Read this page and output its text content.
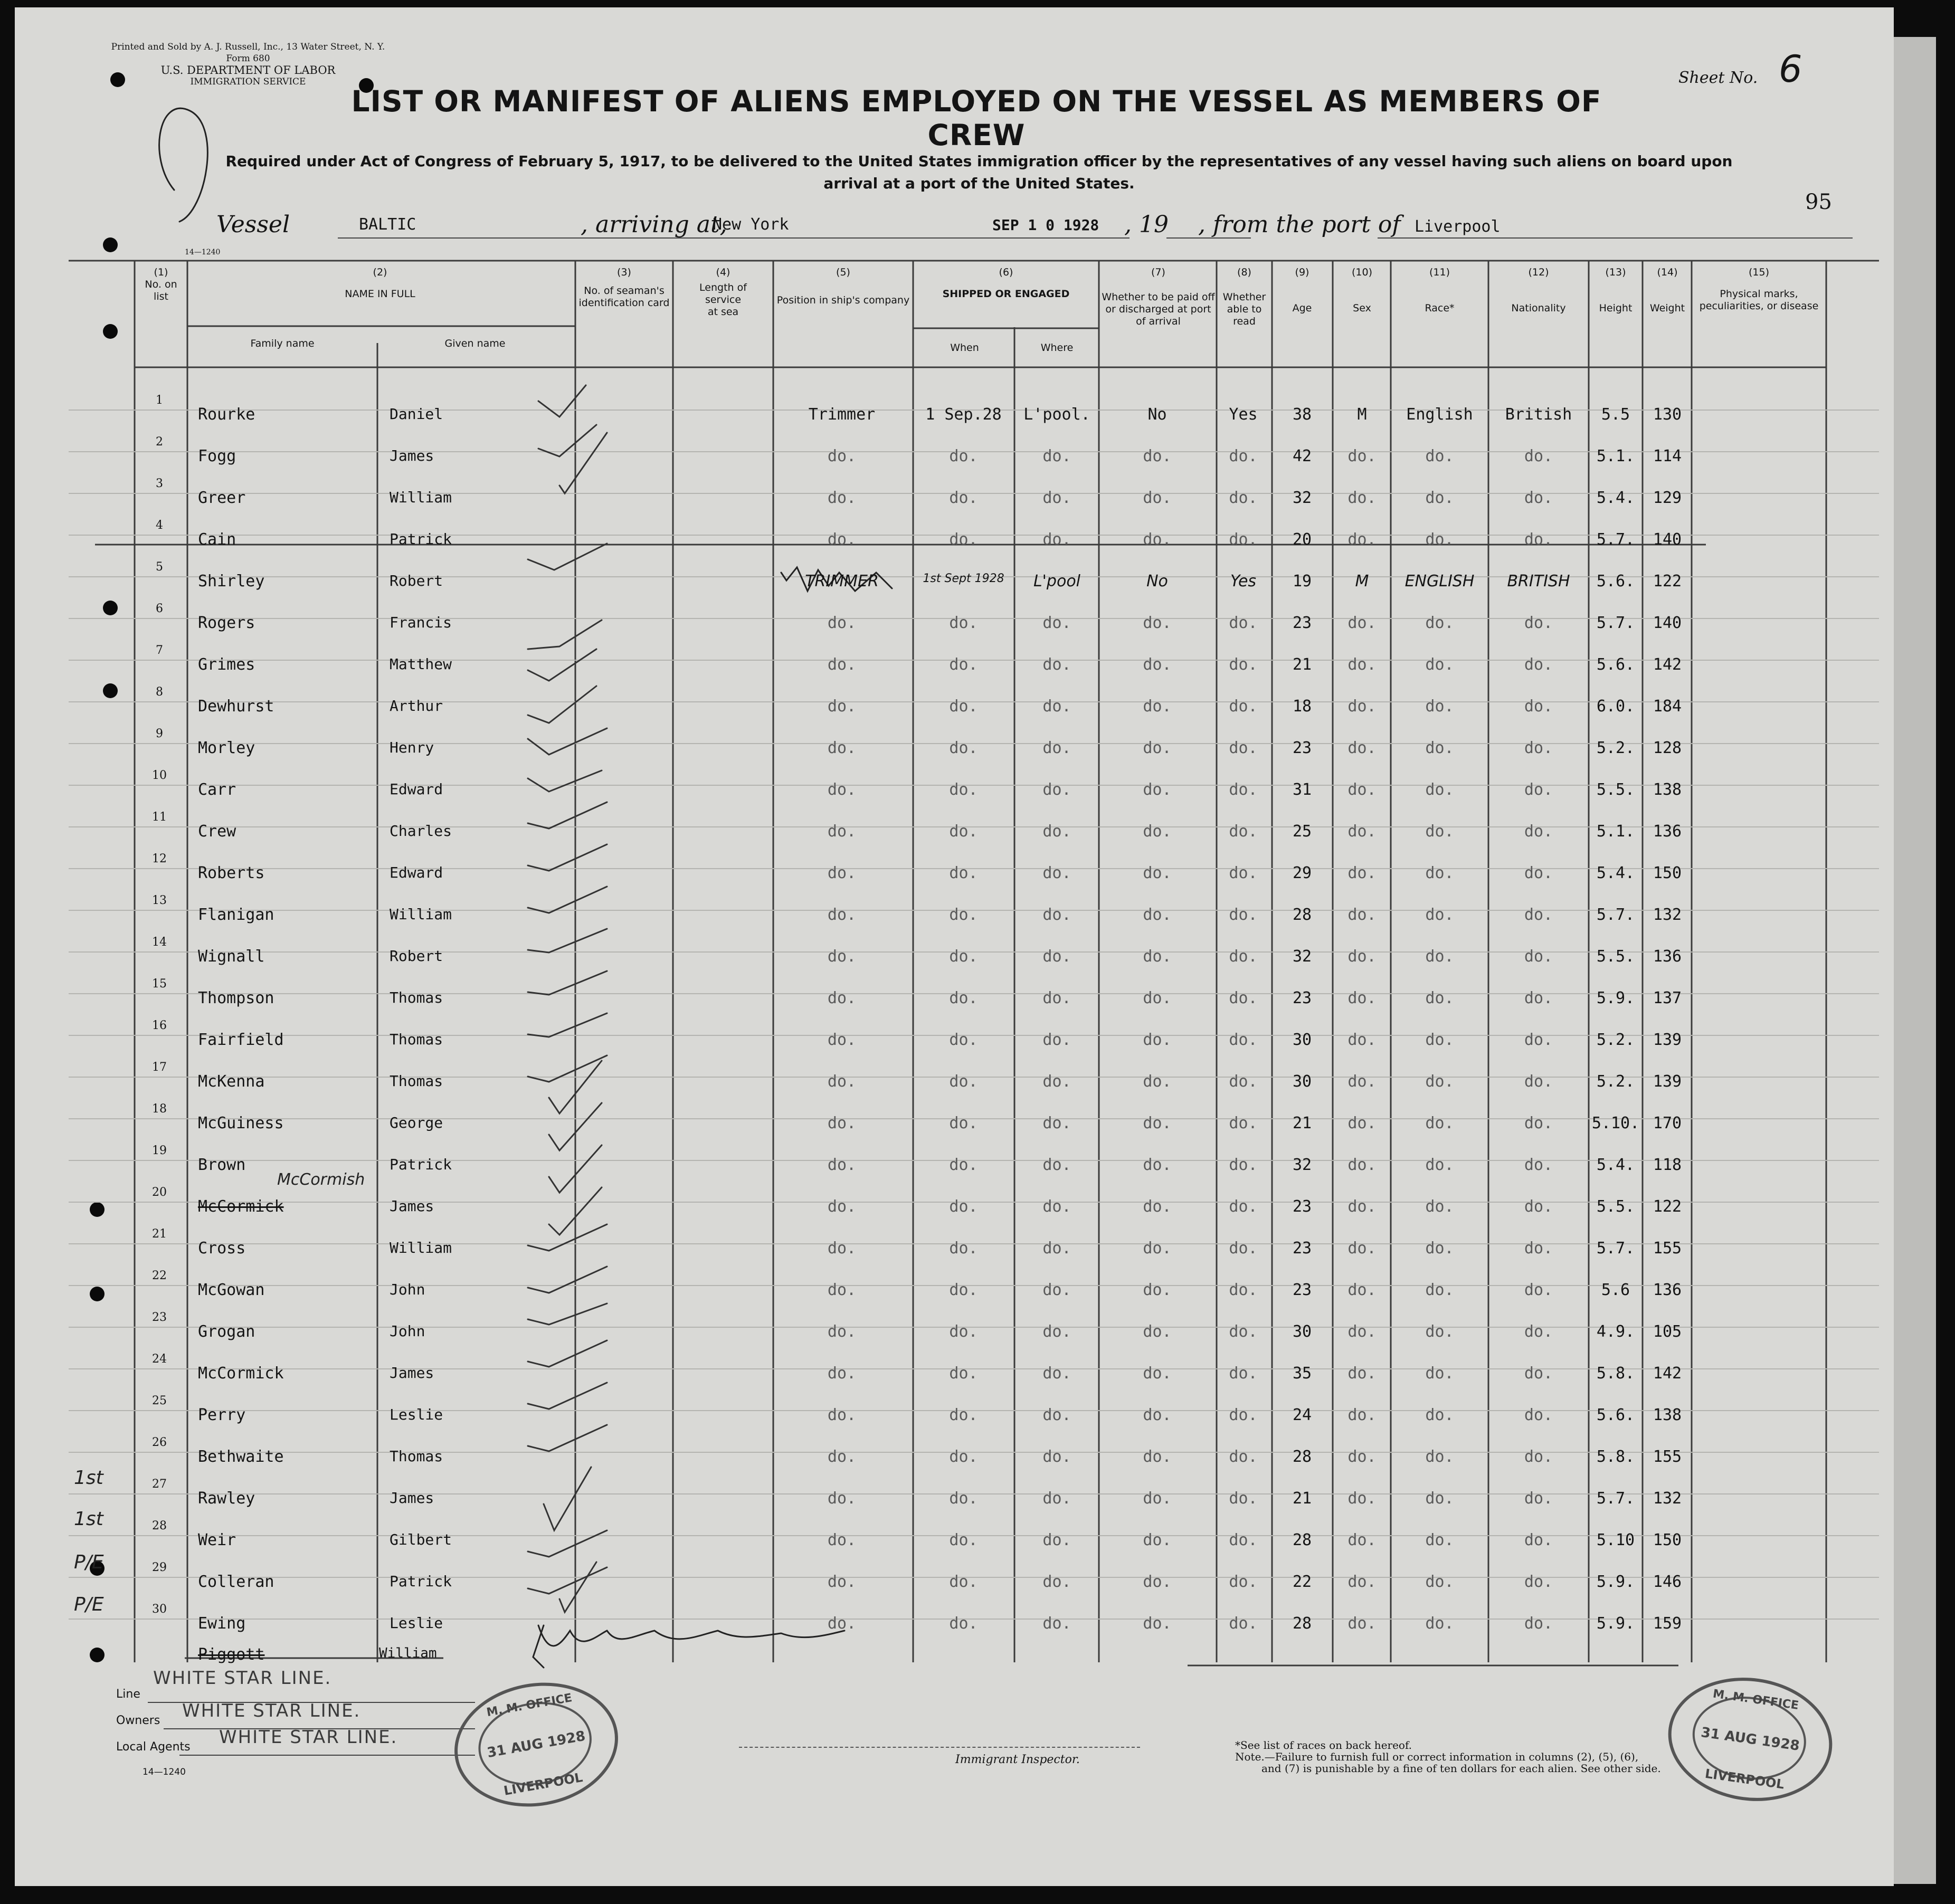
Printed and Sold by A. J. Russell, Inc., 13 Water Street, N. Y.
Form 680
U.S. DEPARTMENT OF LABOR
IMMIGRATION SERVICE	Sheet No. 6
95
LIST OR MANIFEST OF ALIENS EMPLOYED ON THE VESSEL AS MEMBERS OF CREW
Required under Act of Congress of February 5, 1917, to be delivered to the United States immigration officer by the representatives of any vessel having such aliens on board upon arrival at a port of the United States.
Vessel	BALTIC	, arriving at,
New York	SEP 1 0 1928 , 19 , from the port of Liverpool
14—1240
(1)
No. on list
(2)
NAME IN FULL
Family name	Given name
(3)
No. of seaman's identification card
(4)
Length of service at sea
(5)
Position in ship's company
(6)
SHIPPED OR ENGAGED
When	Where
(7)
Whether to be paid off or discharged at port of arrival
(8)
Whether able to read
(9)
Age
(10)
Sex
(11)
Race*
(12)
Nationality
(13)
Height
(14)
Weight
(15)
Physical marks, peculiarities, or disease
1
Rourke	Daniel	Trimmer	1 Sep.28	L'pool.	No	Yes	38	M	English	British	5.5	130
2
Fogg	James	do.	do.	do.	do.	do.	42	do.	do.	do.	5.1.	114
3
Greer	William	do.	do.	do.	do.	do.	32	do.	do.	do.	5.4.	129
4
Cain	Patrick	do.	do.	do.	do.	do.	20	do.	do.	do.	5.7.	140
5
Shirley	Robert	TRIMMER	1st Sept 1928	L'pool	No	Yes	19	M	ENGLISH	BRITISH	5.6.	122
6
Rogers	Francis	do.	do.	do.	do.	do.	23	do.	do.	do.	5.7.	140
7
Grimes	Matthew	do.	do.	do.	do.	do.	21	do.	do.	do.	5.6.	142
8
Dewhurst	Arthur	do.	do.	do.	do.	do.	18	do.	do.	do.	6.0.	184
9
Morley	Henry	do.	do.	do.	do.	do.	23	do.	do.	do.	5.2.	128
10
Carr	Edward	do.	do.	do.	do.	do.	31	do.	do.	do.	5.5.	138
11
Crew	Charles	do.	do.	do.	do.	do.	25	do.	do.	do.	5.1.	136
12
Roberts	Edward	do.	do.	do.	do.	do.	29	do.	do.	do.	5.4.	150
13
Flanigan	William	do.	do.	do.	do.	do.	28	do.	do.	do.	5.7.	132
14
Wignall	Robert	do.	do.	do.	do.	do.	32	do.	do.	do.	5.5.	136
15
Thompson	Thomas	do.	do.	do.	do.	do.	23	do.	do.	do.	5.9.	137
16
Fairfield	Thomas	do.	do.	do.	do.	do.	30	do.	do.	do.	5.2.	139
17
McKenna	Thomas	do.	do.	do.	do.	do.	30	do.	do.	do.	5.2.	139
18
McGuiness	George	do.	do.	do.	do.	do.	21	do.	do.	do.	5.10. 170
19
Brown	Patrick	do.	do.	do.	do.	do.	32	do.	do.	do.	5.4.	118
20
McCormick	James	do.	do.	do.	do.	do.	23	do.	do.	do.	5.5.	122
21
Cross	William	do.	do.	do.	do.	do.	23	do.	do.	do.	5.7.	155
22
McGowan	John	do.	do.	do.	do.	do.	23	do.	do.	do.	5.6	136
23
Grogan	John	do.	do.	do.	do.	do.	30	do.	do.	do.	4.9.	105
24
McCormick	James	do.	do.	do.	do.	do.	35	do.	do.	do.	5.8.	142
25
Perry	Leslie	do.	do.	do.	do.	do.	24	do.	do.	do.	5.6.	138
26
Bethwaite	Thomas	do.	do.	do.	do.	do.	28	do.	do.	do.	5.8.	155
27
Rawley	James	do.	do.	do.	do.	do.	21	do.	do.	do.	5.7.	132
28
Weir	Gilbert	do.	do.	do.	do.	do.	28	do.	do.	do.	5.10	150
29
Colleran	Patrick	do.	do.	do.	do.	do.	22	do.	do.	do.	5.9.	146
30
Ewing	Leslie	do.	do.	do.	do.	do.	28	do.	do.	do.	5.9.	159
Piggott	William
McCormish
1st
1st
P/E
P/E
Line
Owners
Local Agents
WHITE STAR LINE.
WHITE STAR LINE.
WHITE STAR LINE.
14—1240
M. M. OFFICE
31 AUG 1928
LIVERPOOL
M. M. OFFICE
31 AUG 1928
LIVERPOOL
Immigrant Inspector.
*See list of races on back hereof.
Note.—Failure to furnish full or correct information in columns (2), (5), (6),
and (7) is punishable by a fine of ten dollars for each alien. See other side.
